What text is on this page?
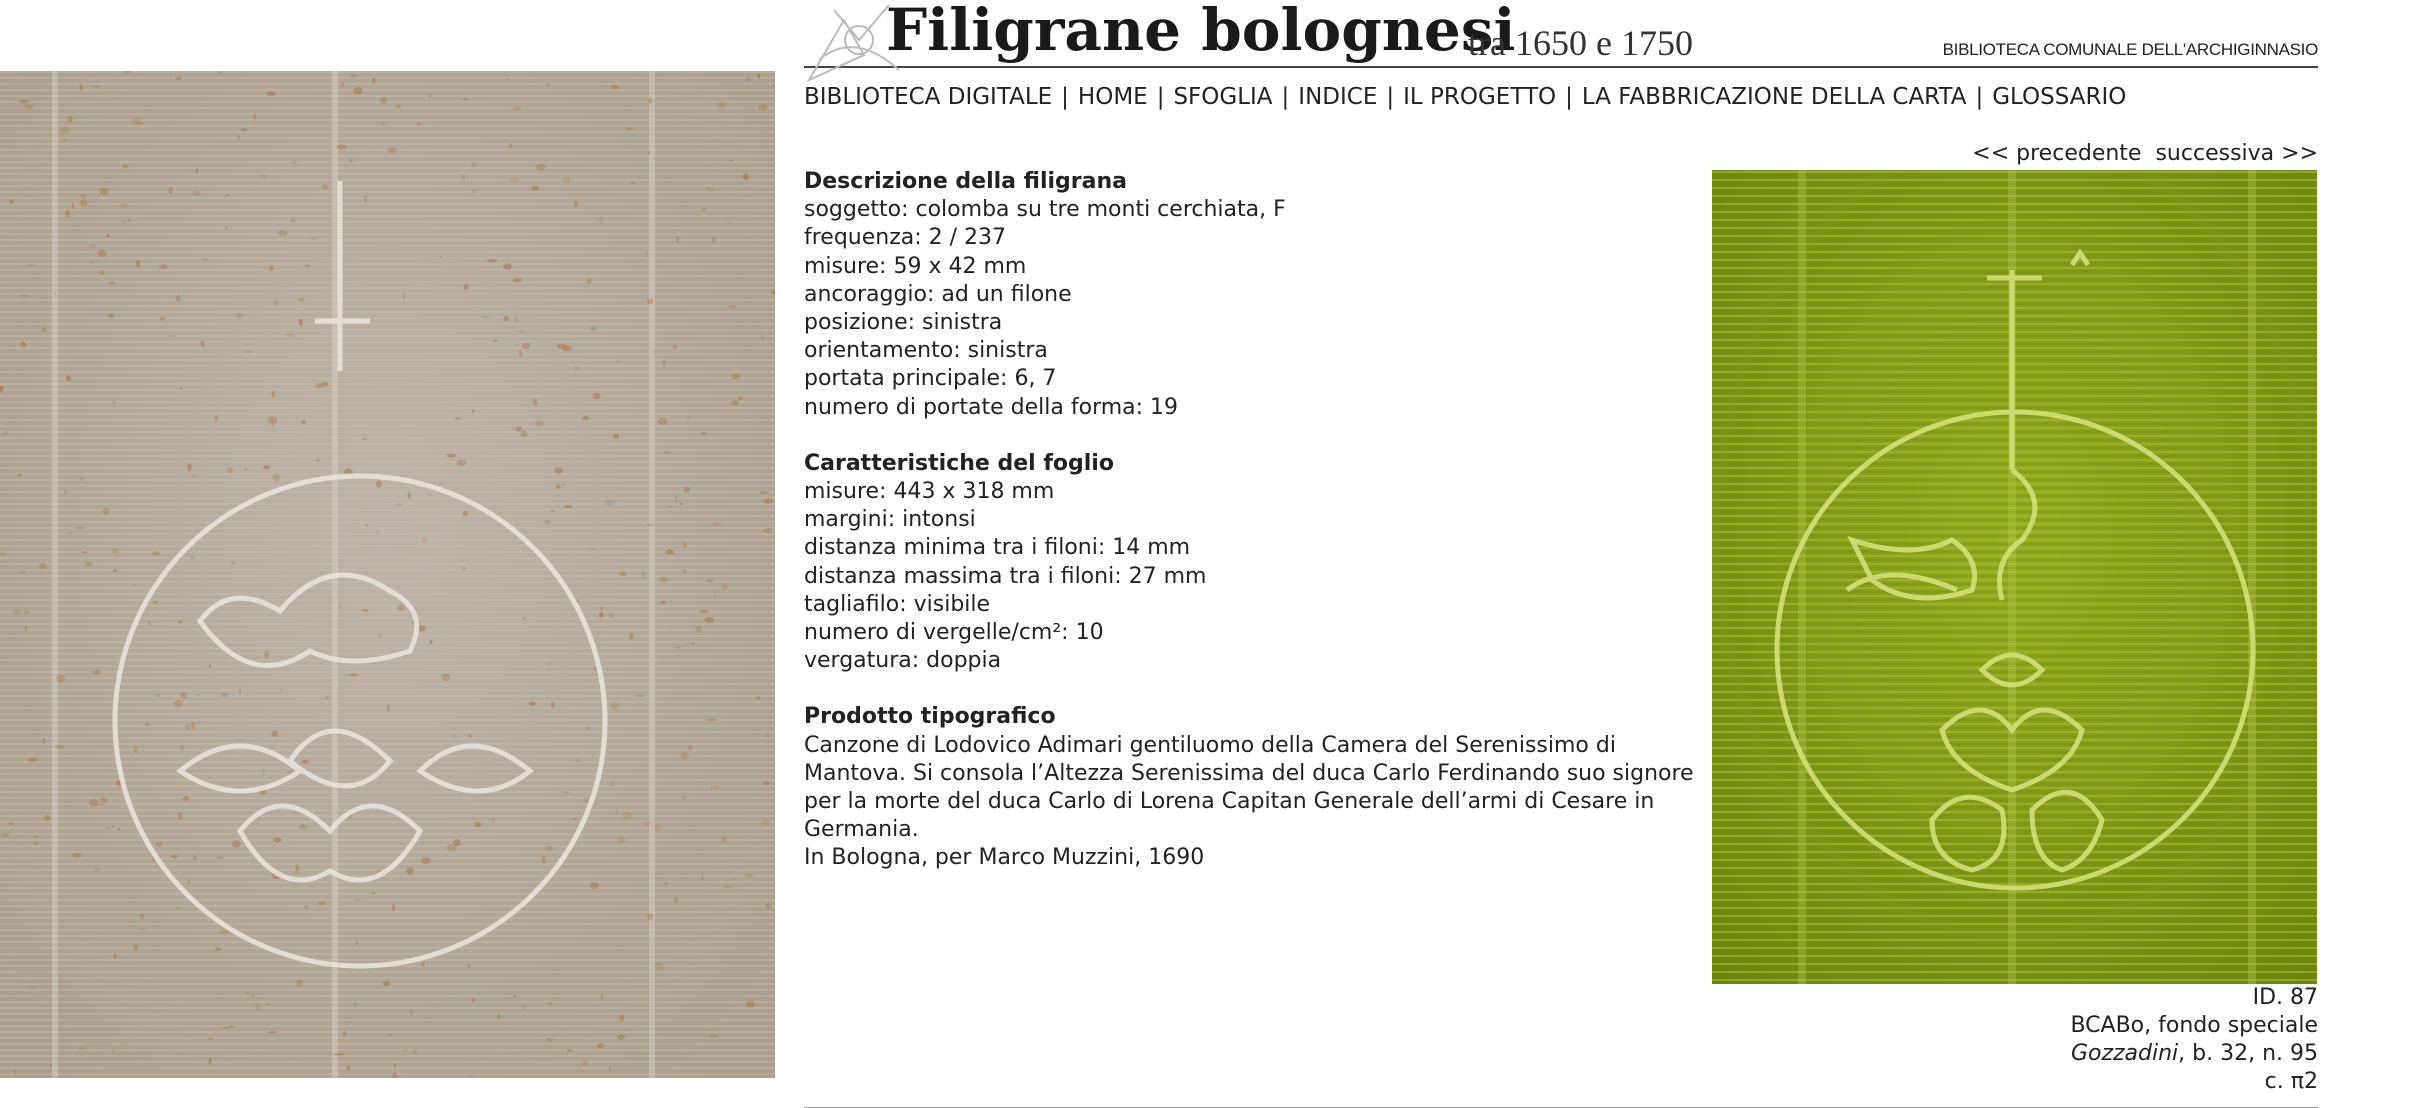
Filigrane bolognesi
tra 1650 e 1750	BIBLIOTECA COMUNALE DELL'ARCHIGINNASIO
BIBLIOTECA DIGITALE | HOME | SFOGLIA | INDICE | IL PROGETTO | LA FABBRICAZIONE DELLA CARTA | GLOSSARIO
<< precedente successiva >>
Descrizione della filigrana
soggetto: colomba su tre monti cerchiata, F
frequenza: 2 / 237
misure: 59 x 42 mm
ancoraggio: ad un filone
posizione: sinistra
orientamento: sinistra
portata principale: 6, 7
numero di portate della forma: 19
Caratteristiche del foglio
misure: 443 x 318 mm
margini: intonsi
distanza minima tra i filoni: 14 mm
distanza massima tra i filoni: 27 mm
tagliafilo: visibile
numero di vergelle/cm²: 10
vergatura: doppia
Prodotto tipografico

Canzone di Lodovico Adimari gentiluomo della Camera del Serenissimo di Mantova. Si consola l’Altezza Serenissima del duca Carlo Ferdinando suo signore per la morte del duca Carlo di Lorena Capitan Generale dell’armi di Cesare in Germania.

In Bologna, per Marco Muzzini, 1690

ID. 87
BCABo, fondo speciale
Gozzadini, b. 32, n. 95
c. π2
